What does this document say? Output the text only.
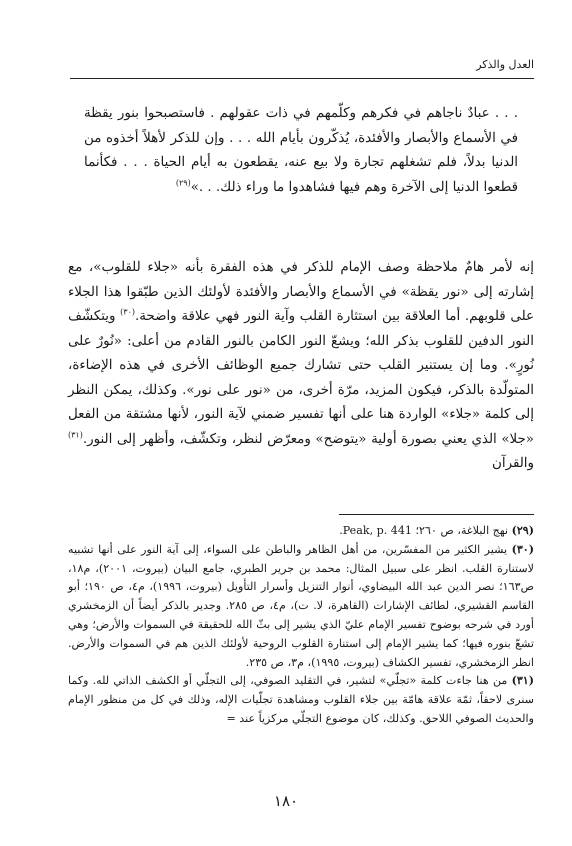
العدل والذكر

. . . عبادٌ ناجاهم في فكرهم وكلّمهم في ذات عقولهم . فاستصبحوا بنور يقظة في الأسماع والأبصار والأفئدة، يُذكّرون بأيام الله . . . وإن للذكر لأهلاً أخذوه من الدنيا بدلاً، فلم تشغلهم تجارة ولا بيع عنه، يقطعون به أيام الحياة . . . فكأنما قطعوا الدنيا إلى الآخرة وهم فيها فشاهدوا ما وراء ذلك. . .»$^{(٢٩)}$

إنه لأمر هامٌ ملاحظة وصف الإمام للذكر في هذه الفقرة بأنه «جلاء للقلوب»، مع إشارته إلى «نور يقظة» في الأسماع والأبصار والأفئدة لأولئك الذين طبّقوا هذا الجلاء على قلوبهم. أما العلاقة بين استثارة القلب وآية النور فهي علاقة واضحة.$^{(٣٠)}$ ويتكشّف النور الدفين للقلوب بذكر الله؛ ويشعّ النور الكامن بالنور القادم من أعلى: «نُورٌ على نُورٍ». وما إن يستنير القلب حتى تشارك جميع الوظائف الأخرى في هذه الإضاءة، المتولّدة بالذكر، فيكون المزيد، مرّة أخرى، من «نور على نور». وكذلك، يمكن النظر إلى كلمة «جلاء» الواردة هنا على أنها تفسير ضمني لآية النور، لأنها مشتقة من الفعل «جلا» الذي يعني بصورة أولية «يتوضح» ومعرّض لنظر، وتكشّف، وأظهر إلى النور.$^{(٣١)}$ والقرآن

(٢٩) نهج البلاغة، ص ٢٦٠؛ Peak, p. 441.

(٣٠) يشير الكثير من المفسّرين، من أهل الظاهر والباطن على السواء، إلى آية النور على أنها تشبيه لاستنارة القلب. انظر على سبيل المثال: محمد بن جرير الطبري، جامع البيان (بيروت، ٢٠٠١)، م١٨، ص١٦٣؛ نصر الدين عبد الله البيضاوي، أنوار التنزيل وأسرار التأويل (بيروت، ١٩٩٦)، م٤، ص ١٩٠؛ أبو القاسم القشيري، لطائف الإشارات (القاهرة، لا. ت)، م٤، ص ٢٨٥. وجدير بالذكر أيضاً أن الزمخشري أورد في شرحه بوضوح تفسير الإمام عليّ الذي يشير إلى بثّ الله للحقيقة في السموات والأرض؛ وهي تشعّ بنوره فيها؛ كما يشير الإمام إلى استنارة القلوب الروحية لأولئك الذين هم في السموات والأرض. انظر الزمخشري، تفسير الكشاف (بيروت، ١٩٩٥)، م٣، ص ٢٣٥.

(٣١) من هنا جاءت كلمة «تجلّي» لتشير، في التقليد الصوفي، إلى التجلّي أو الكشف الذاتي لله. وكما سنرى لاحقاً، ثمّة علاقة هامّة بين جلاء القلوب ومشاهدة تجلّيات الإله، وذلك في كل من منظور الإمام والحديث الصوفي اللاحق. وكذلك، كان موضوع التجلّي مركزياً عند =

١٨٠
